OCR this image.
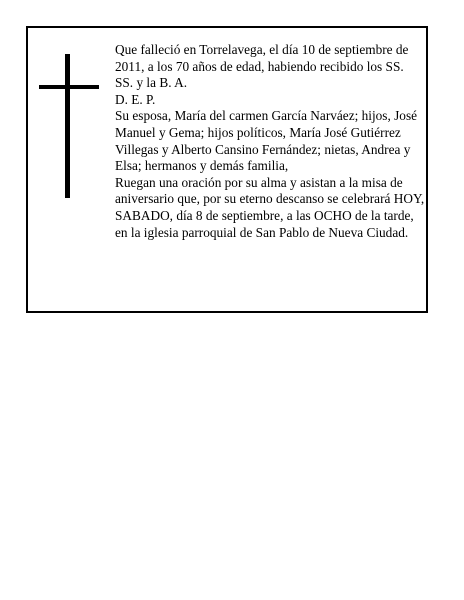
Que falleció en Torrelavega, el día 10 de septiembre de 2011, a los 70 años de edad, habiendo recibido los SS. SS. y la B. A.

D. E. P.

Su esposa, María del carmen García Narváez; hijos, José Manuel y Gema; hijos políticos, María José Gutiérrez Villegas y Alberto Cansino Fernández; nietas, Andrea y Elsa; hermanos y demás familia,

Ruegan una oración por su alma y asistan a la misa de aniversario que, por su eterno descanso se celebrará HOY, SABADO, día 8 de septiembre, a las OCHO de la tarde, en la iglesia parroquial de San Pablo de Nueva Ciudad.
